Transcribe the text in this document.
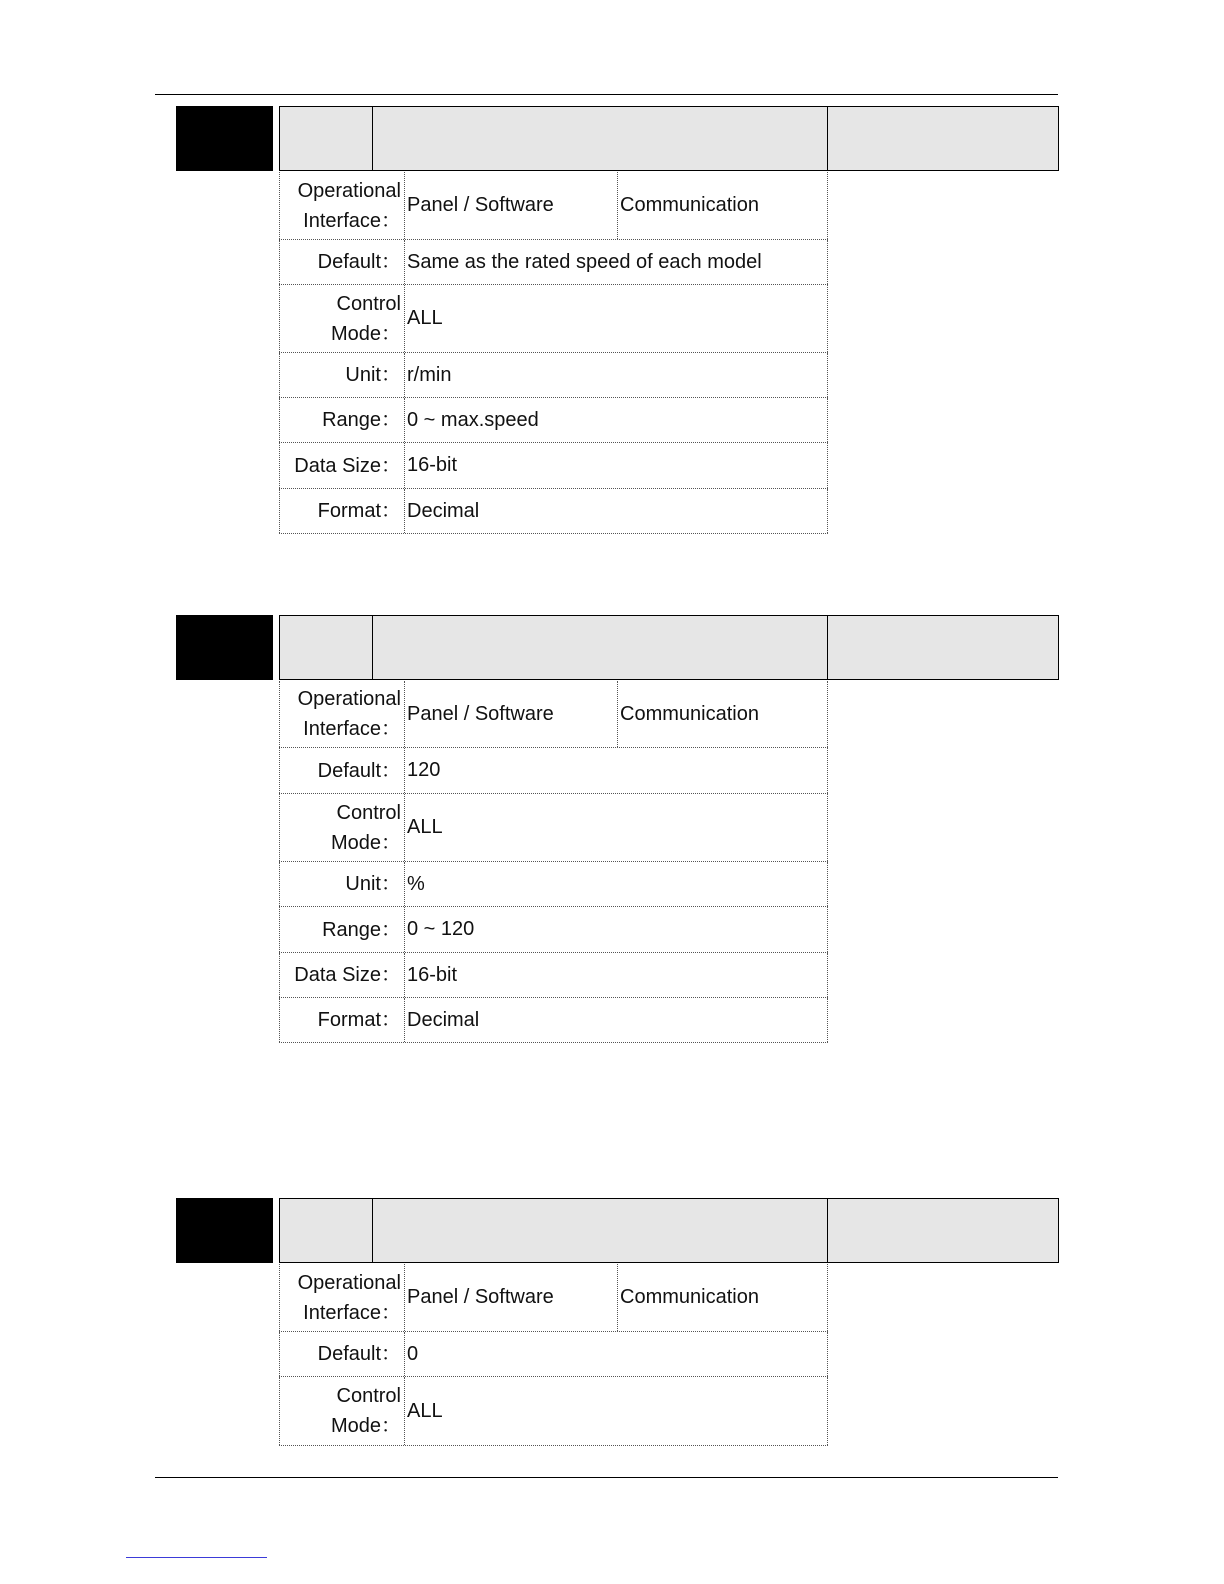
Operational
Interface：
Panel / Software	Communication
Default： Same as the rated speed of each model
Control
Mode：
ALL
Unit： r/min
Range： 0 ~ max.speed
Data Size： 16-bit
Format： Decimal
Operational
Interface：
Panel / Software	Communication
Default： 120
Control
Mode：
ALL
Unit： %
Range： 0 ~ 120
Data Size： 16-bit
Format： Decimal
Operational
Interface：
Panel / Software	Communication
Default： 0
Control
Mode：
ALL
